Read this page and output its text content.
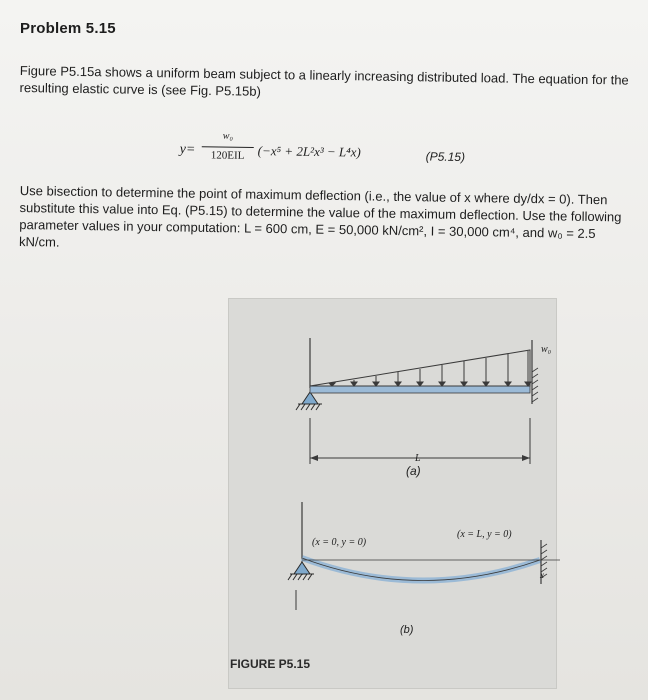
Problem 5.15
Figure P5.15a shows a uniform beam subject to a linearly increasing distributed load. The equation for the resulting elastic curve is (see Fig. P5.15b)
y=
w₀
120EIL	(−x⁵ + 2L²x³ − L⁴x)	(P5.15)
Use bisection to determine the point of maximum deflection (i.e., the value of x where dy/dx = 0). Then substitute this value into Eq. (P5.15) to determine the value of the maximum deflection. Use the following parameter values in your computation: L = 600 cm, E = 50,000 kN/cm², I = 30,000 cm⁴, and w₀ = 2.5 kN/cm.
w₀
L
(a)
(x = 0, y = 0)
(x = L, y = 0)
x
(b)
FIGURE P5.15
